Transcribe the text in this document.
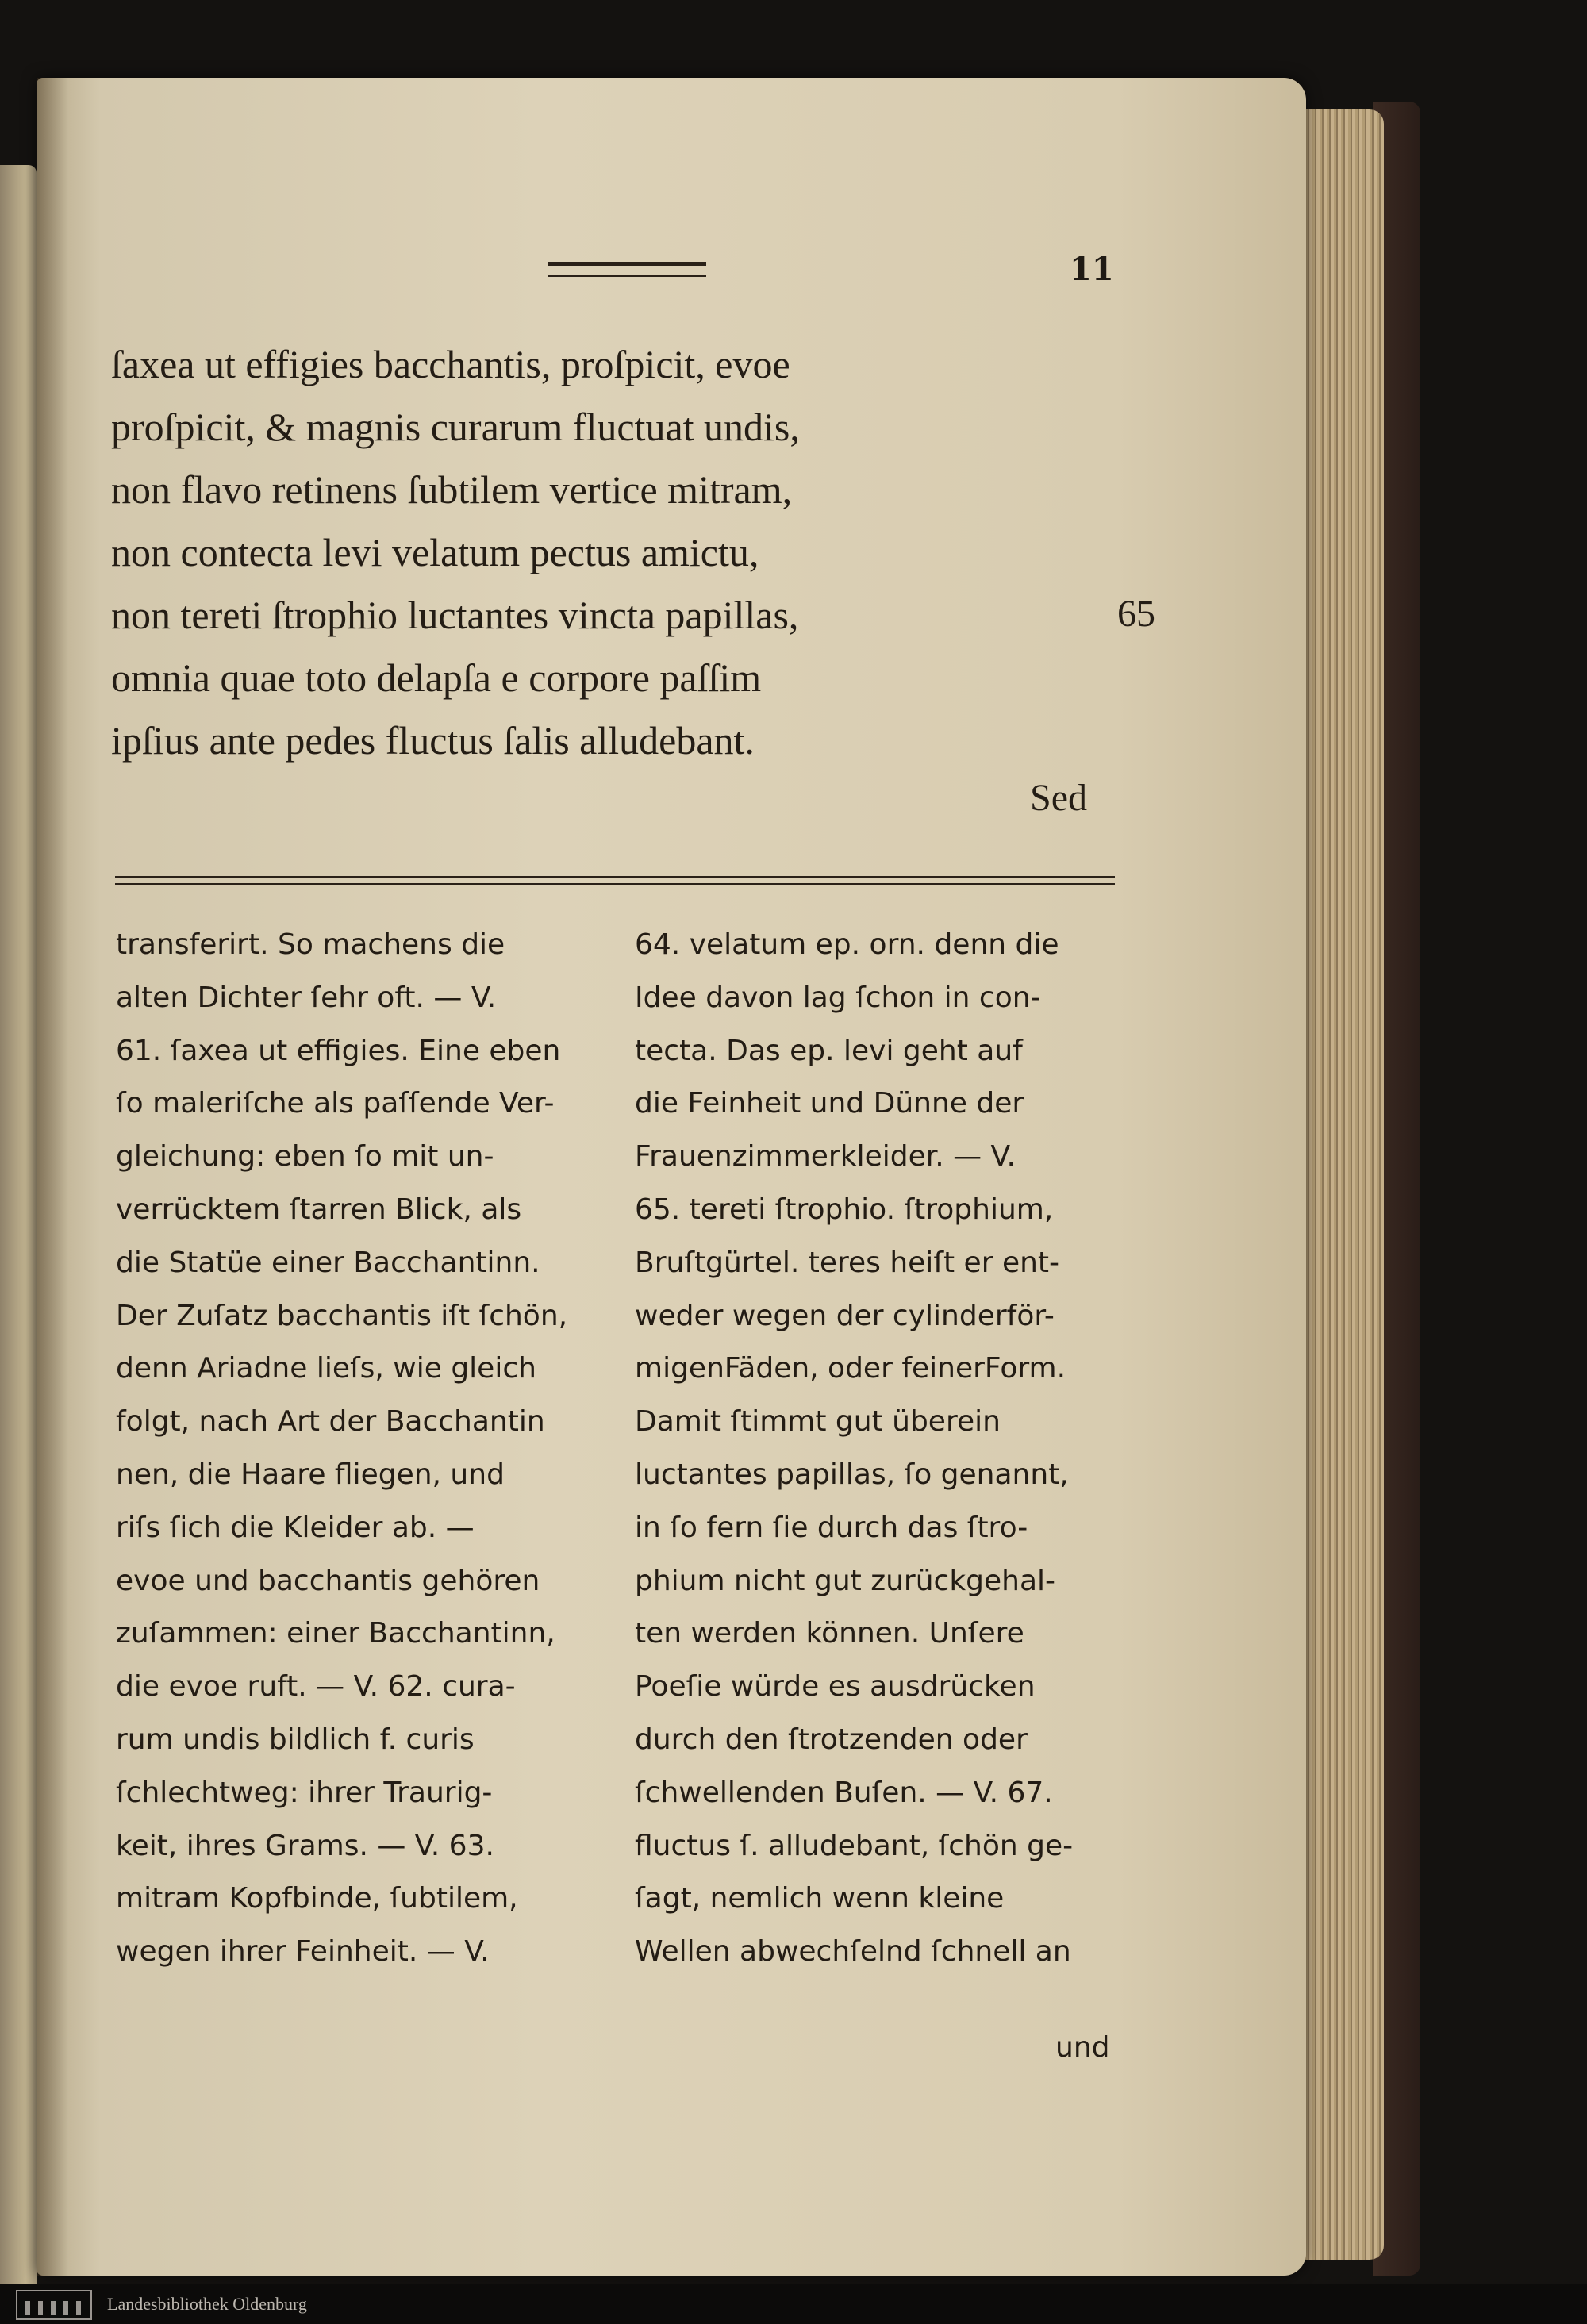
11
ſaxea ut effigies bacchantis, proſpicit, evoe
proſpicit, & magnis curarum fluctuat undis,
non flavo retinens ſubtilem vertice mitram,
non contecta levi velatum pectus amictu,
non tereti ſtrophio luctantes vincta papillas,
omnia quae toto delapſa e corpore paſſim
ipſius ante pedes fluctus ſalis alludebant.
65
Sed
transferirt. So machens die
alten Dichter ſehr oft. — V.
61. ſaxea ut effigies. Eine eben
ſo maleriſche als paſſende Ver-
gleichung: eben ſo mit un-
verrücktem ſtarren Blick, als
die Statüe einer Bacchantinn.
Der Zuſatz bacchantis iſt ſchön,
denn Ariadne lieſs, wie gleich
folgt, nach Art der Bacchantin
nen, die Haare fliegen, und
riſs ſich die Kleider ab. —
evoe und bacchantis gehören
zuſammen: einer Bacchantinn,
die evoe ruft. — V. 62. cura-
rum undis bildlich f. curis
ſchlechtweg: ihrer Traurig-
keit, ihres Grams. — V. 63.
mitram Kopfbinde, ſubtilem,
wegen ihrer Feinheit. — V.
64. velatum ep. orn. denn die
Idee davon lag ſchon in con-
tecta. Das ep. levi geht auf
die Feinheit und Dünne der
Frauenzimmerkleider. — V.
65. tereti ſtrophio. ſtrophium,
Bruſtgürtel. teres heiſt er ent-
weder wegen der cylinderför-
migenFäden, oder feinerForm.
Damit ſtimmt gut überein
luctantes papillas, ſo genannt,
in ſo fern ſie durch das ſtro-
phium nicht gut zurückgehal-
ten werden können. Unſere
Poeſie würde es ausdrücken
durch den ſtrotzenden oder
ſchwellenden Buſen. — V. 67.
fluctus ſ. alludebant, ſchön ge-
ſagt, nemlich wenn kleine
Wellen abwechſelnd ſchnell an
und
Landesbibliothek Oldenburg
